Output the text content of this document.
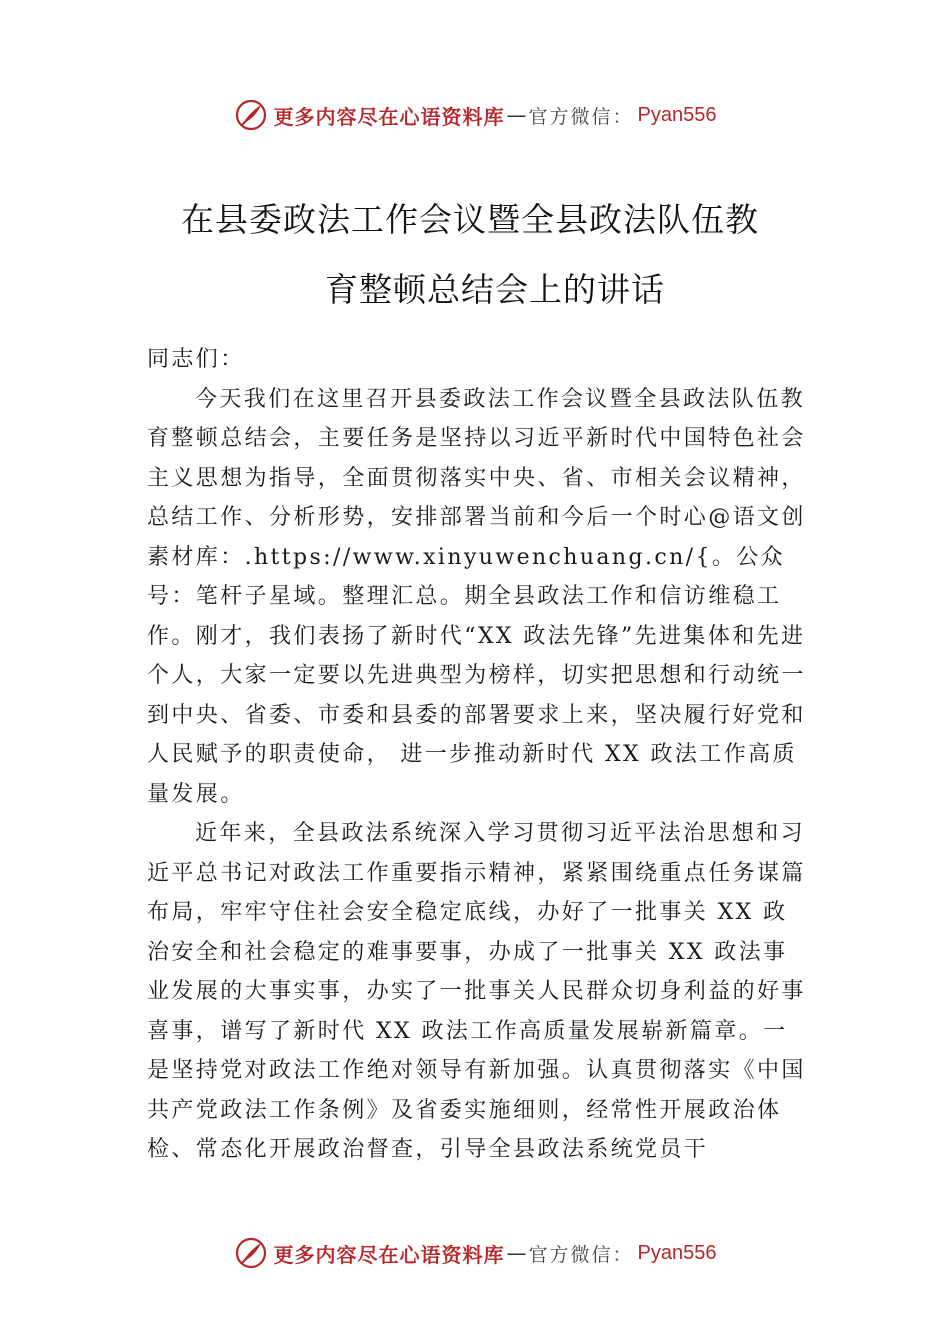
更多内容尽在心语资料库 — 官方微信： Pyan556
在县委政法工作会议暨全县政法队伍教
育整顿总结会上的讲话

同志们：

今天我们在这里召开县委政法工作会议暨全县政法队伍教育整顿总结会，主要任务是坚持以习近平新时代中国特色社会主义思想为指导，全面贯彻落实中央、省、市相关会议精神，总结工作、分析形势，安排部署当前和今后一个时心@语文创素材库：.https://www.xinyuwenchuang.cn/{。公众号：笔杆子星域。整理汇总。期全县政法工作和信访维稳工作。刚才，我们表扬了新时代“XX 政法先锋”先进集体和先进个人，大家一定要以先进典型为榜样，切实把思想和行动统一到中央、省委、市委和县委的部署要求上来，坚决履行好党和人民赋予的职责使命， 进一步推动新时代 XX 政法工作高质量发展。

近年来，全县政法系统深入学习贯彻习近平法治思想和习近平总书记对政法工作重要指示精神，紧紧围绕重点任务谋篇布局，牢牢守住社会安全稳定底线，办好了一批事关 XX 政治安全和社会稳定的难事要事，办成了一批事关 XX 政法事业发展的大事实事，办实了一批事关人民群众切身利益的好事喜事，谱写了新时代 XX 政法工作高质量发展崭新篇章。一是坚持党对政法工作绝对领导有新加强。认真贯彻落实《中国共产党政法工作条例》及省委实施细则，经常性开展政治体检、常态化开展政治督查，引导全县政法系统党员干

更多内容尽在心语资料库 — 官方微信： Pyan556
